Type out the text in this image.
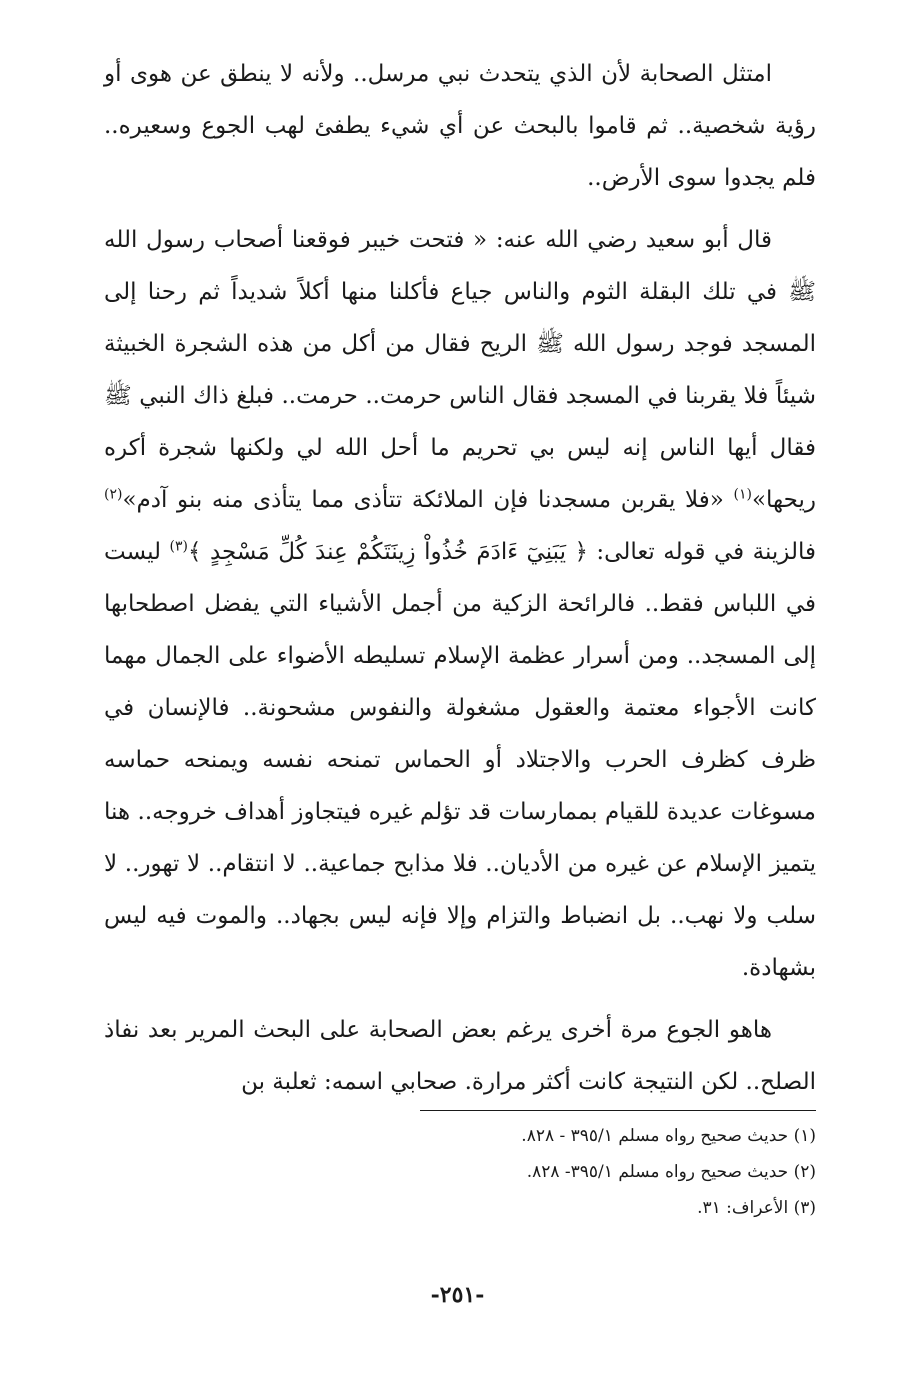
امتثل الصحابة لأن الذي يتحدث نبي مرسل.. ولأنه لا ينطق عن هوى أو رؤية شخصية.. ثم قاموا بالبحث عن أي شيء يطفئ لهب الجوع وسعيره.. فلم يجدوا سوى الأرض..

قال أبو سعيد رضي الله عنه: « فتحت خيبر فوقعنا أصحاب رسول الله ﷺ في تلك البقلة الثوم والناس جياع فأكلنا منها أكلاً شديداً ثم رحنا إلى المسجد فوجد رسول الله ﷺ الريح فقال من أكل من هذه الشجرة الخبيثة شيئاً فلا يقربنا في المسجد فقال الناس حرمت.. حرمت.. فبلغ ذاك النبي ﷺ فقال أيها الناس إنه ليس بي تحريم ما أحل الله لي ولكنها شجرة أكره ريحها»$^{(١)}$ «فلا يقربن مسجدنا فإن الملائكة تتأذى مما يتأذى منه بنو آدم»$^{(٢)}$ فالزينة في قوله تعالى: ﴿ يَبَنِيٓ ءَادَمَ خُذُواْ زِينَتَكُمْ عِندَ كُلِّ مَسْجِدٍ ﴾$^{(٣)}$ ليست في اللباس فقط.. فالرائحة الزكية من أجمل الأشياء التي يفضل اصطحابها إلى المسجد.. ومن أسرار عظمة الإسلام تسليطه الأضواء على الجمال مهما كانت الأجواء معتمة والعقول مشغولة والنفوس مشحونة.. فالإنسان في ظرف كظرف الحرب والاجتلاد أو الحماس تمنحه نفسه ويمنحه حماسه مسوغات عديدة للقيام بممارسات قد تؤلم غيره فيتجاوز أهداف خروجه.. هنا يتميز الإسلام عن غيره من الأديان.. فلا مذابح جماعية.. لا انتقام.. لا تهور.. لا سلب ولا نهب.. بل انضباط والتزام وإلا فإنه ليس بجهاد.. والموت فيه ليس بشهادة.

هاهو الجوع مرة أخرى يرغم بعض الصحابة على البحث المرير بعد نفاذ الصلح.. لكن النتيجة كانت أكثر مرارة. صحابي اسمه: ثعلبة بن

(١) حديث صحيح رواه مسلم ٣٩٥/١ - ٨٢٨.

(٢) حديث صحيح رواه مسلم ٣٩٥/١- ٨٢٨.

(٣) الأعراف: ٣١.

-٢٥١-
